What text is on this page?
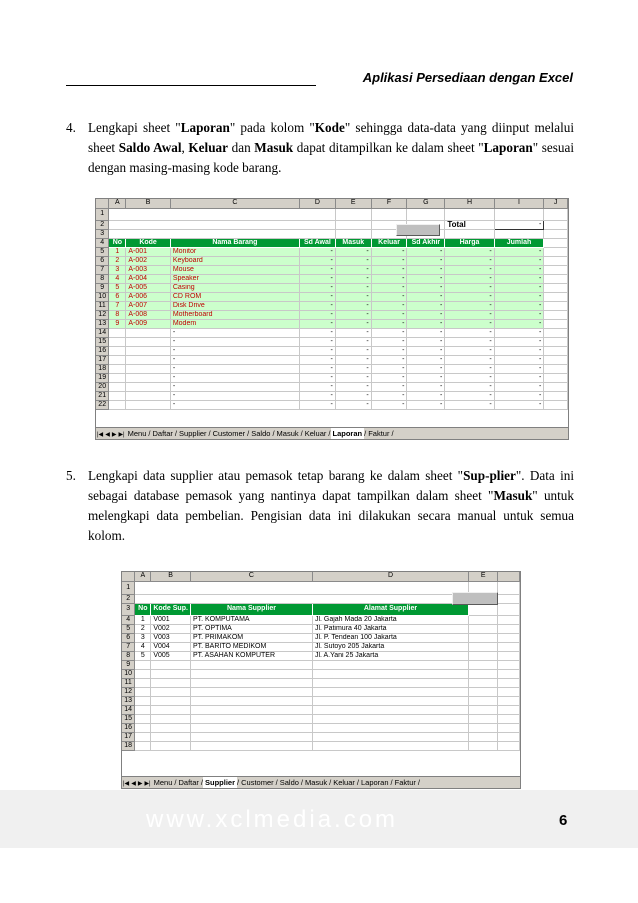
Aplikasi Persediaan dengan Excel
4. Lengkapi sheet "Laporan" pada kolom "Kode" sehingga data-data yang diinput melalui sheet Saldo Awal, Keluar dan Masuk dapat ditampilkan ke dalam sheet "Laporan" sesuai dengan masing-masing kode barang.
	A	B	C	D	E	F	G	H	I	J
1										
2								Total	-	
3										
4	No	Kode	Nama Barang	Sd Awal	Masuk	Keluar	Sd Akhir	Harga	Jumlah	
5	1	A-001	Monitor	-	-	-	-	-	-	
6	2	A-002	Keyboard	-	-	-	-	-	-	
7	3	A-003	Mouse	-	-	-	-	-	-	
8	4	A-004	Speaker	-	-	-	-	-	-	
9	5	A-005	Casing	-	-	-	-	-	-	
10	6	A-006	CD ROM	-	-	-	-	-	-	
11	7	A-007	Disk Drive	-	-	-	-	-	-	
12	8	A-008	Motherboard	-	-	-	-	-	-	
13	9	A-009	Modem	-	-	-	-	-	-	
14			-	-	-	-	-	-	-	
15			-	-	-	-	-	-	-	
16			-	-	-	-	-	-	-	
17			-	-	-	-	-	-	-	
18			-	-	-	-	-	-	-	
19			-	-	-	-	-	-	-	
20			-	-	-	-	-	-	-	
21			-	-	-	-	-	-	-	
22			-	-	-	-	-	-	-	
|◀ ◀ ▶ ▶| Menu / Daftar / Supplier / Customer / Saldo / Masuk / Keluar / Laporan / Faktur /
5. Lengkapi data supplier atau pemasok tetap barang ke dalam sheet "Sup-plier". Data ini sebagai database pemasok yang nantinya dapat tampilkan dalam sheet "Masuk" untuk melengkapi data pembelian. Pengisian data ini dilakukan secara manual untuk semua kolom.
	A	B	C	D	E	
1						
2						
3	No	Kode Sup.	Nama Supplier	Alamat Supplier		
4	1	V001	PT. KOMPUTAMA	Jl. Gajah Mada 20 Jakarta		
5	2	V002	PT. OPTIMA	Jl. Patimura 40 Jakarta		
6	3	V003	PT. PRIMAKOM	Jl. P. Tendean 100 Jakarta		
7	4	V004	PT. BARITO MEDIKOM	Jl. Sutoyo 205 Jakarta		
8	5	V005	PT. ASAHAN KOMPUTER	Jl. A.Yani 25 Jakarta		
9						
10						
11						
12						
13						
14						
15						
16						
17						
18						
|◀ ◀ ▶ ▶| Menu / Daftar / Supplier / Customer / Saldo / Masuk / Keluar / Laporan / Faktur /
www.xclmedia.com	6
